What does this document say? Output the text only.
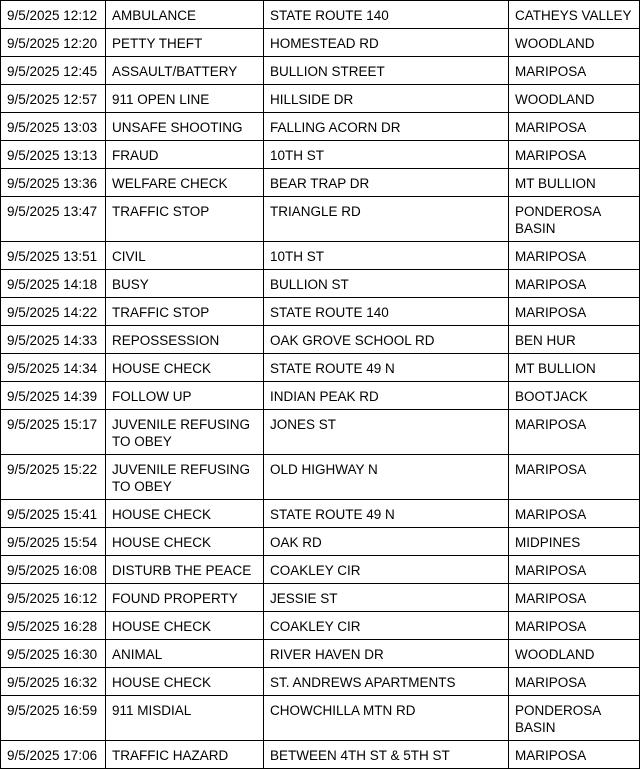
9/5/2025 12:12	AMBULANCE	STATE ROUTE 140	CATHEYS VALLEY
9/5/2025 12:20	PETTY THEFT	HOMESTEAD RD	WOODLAND
9/5/2025 12:45	ASSAULT/BATTERY	BULLION STREET	MARIPOSA
9/5/2025 12:57	911 OPEN LINE	HILLSIDE DR	WOODLAND
9/5/2025 13:03	UNSAFE SHOOTING	FALLING ACORN DR	MARIPOSA
9/5/2025 13:13	FRAUD	10TH ST	MARIPOSA
9/5/2025 13:36	WELFARE CHECK	BEAR TRAP DR	MT BULLION
9/5/2025 13:47	TRAFFIC STOP	TRIANGLE RD	PONDEROSA BASIN
9/5/2025 13:51	CIVIL	10TH ST	MARIPOSA
9/5/2025 14:18	BUSY	BULLION ST	MARIPOSA
9/5/2025 14:22	TRAFFIC STOP	STATE ROUTE 140	MARIPOSA
9/5/2025 14:33	REPOSSESSION	OAK GROVE SCHOOL RD	BEN HUR
9/5/2025 14:34	HOUSE CHECK	STATE ROUTE 49 N	MT BULLION
9/5/2025 14:39	FOLLOW UP	INDIAN PEAK RD	BOOTJACK
9/5/2025 15:17	JUVENILE REFUSING TO OBEY	JONES ST	MARIPOSA
9/5/2025 15:22	JUVENILE REFUSING TO OBEY	OLD HIGHWAY N	MARIPOSA
9/5/2025 15:41	HOUSE CHECK	STATE ROUTE 49 N	MARIPOSA
9/5/2025 15:54	HOUSE CHECK	OAK RD	MIDPINES
9/5/2025 16:08	DISTURB THE PEACE	COAKLEY CIR	MARIPOSA
9/5/2025 16:12	FOUND PROPERTY	JESSIE ST	MARIPOSA
9/5/2025 16:28	HOUSE CHECK	COAKLEY CIR	MARIPOSA
9/5/2025 16:30	ANIMAL	RIVER HAVEN DR	WOODLAND
9/5/2025 16:32	HOUSE CHECK	ST. ANDREWS APARTMENTS	MARIPOSA
9/5/2025 16:59	911 MISDIAL	CHOWCHILLA MTN RD	PONDEROSA BASIN
9/5/2025 17:06	TRAFFIC HAZARD	BETWEEN 4TH ST & 5TH ST	MARIPOSA
